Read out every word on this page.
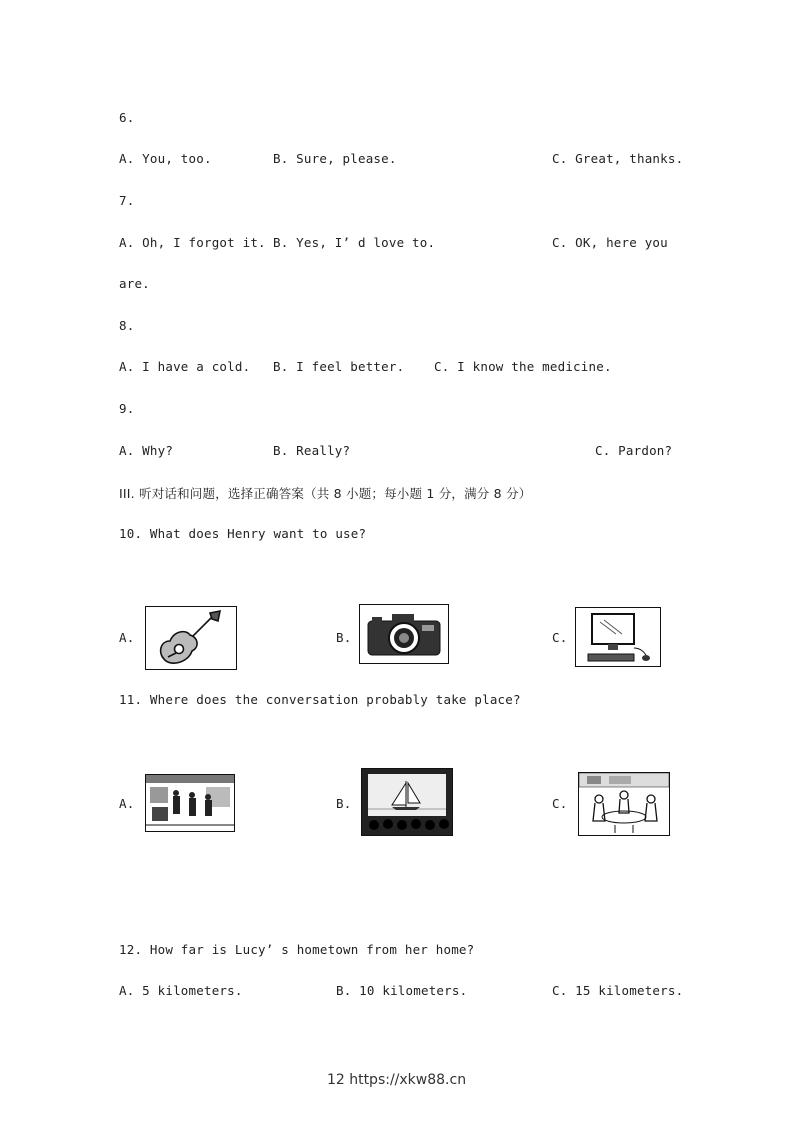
6.
A. You, too.	B. Sure, please.	C. Great, thanks.
7.
A. Oh, I forgot it. B. Yes, I’ d love to.	C. OK, here you
are.
8.
A. I have a cold. B. I feel better. C. I know the medicine.
9.
A. Why?	B. Really?	C. Pardon?
III. 听对话和问题，选择正确答案（共 8 小题；每小题 1 分，满分 8 分）
10. What does Henry want to use?
A.	B.	C.
11. Where does the conversation probably take place?
A.	B.	C.
12. How far is Lucy’ s hometown from her home?
A. 5 kilometers.	B. 10 kilometers.	C. 15 kilometers.
12 https://xkw88.cn
